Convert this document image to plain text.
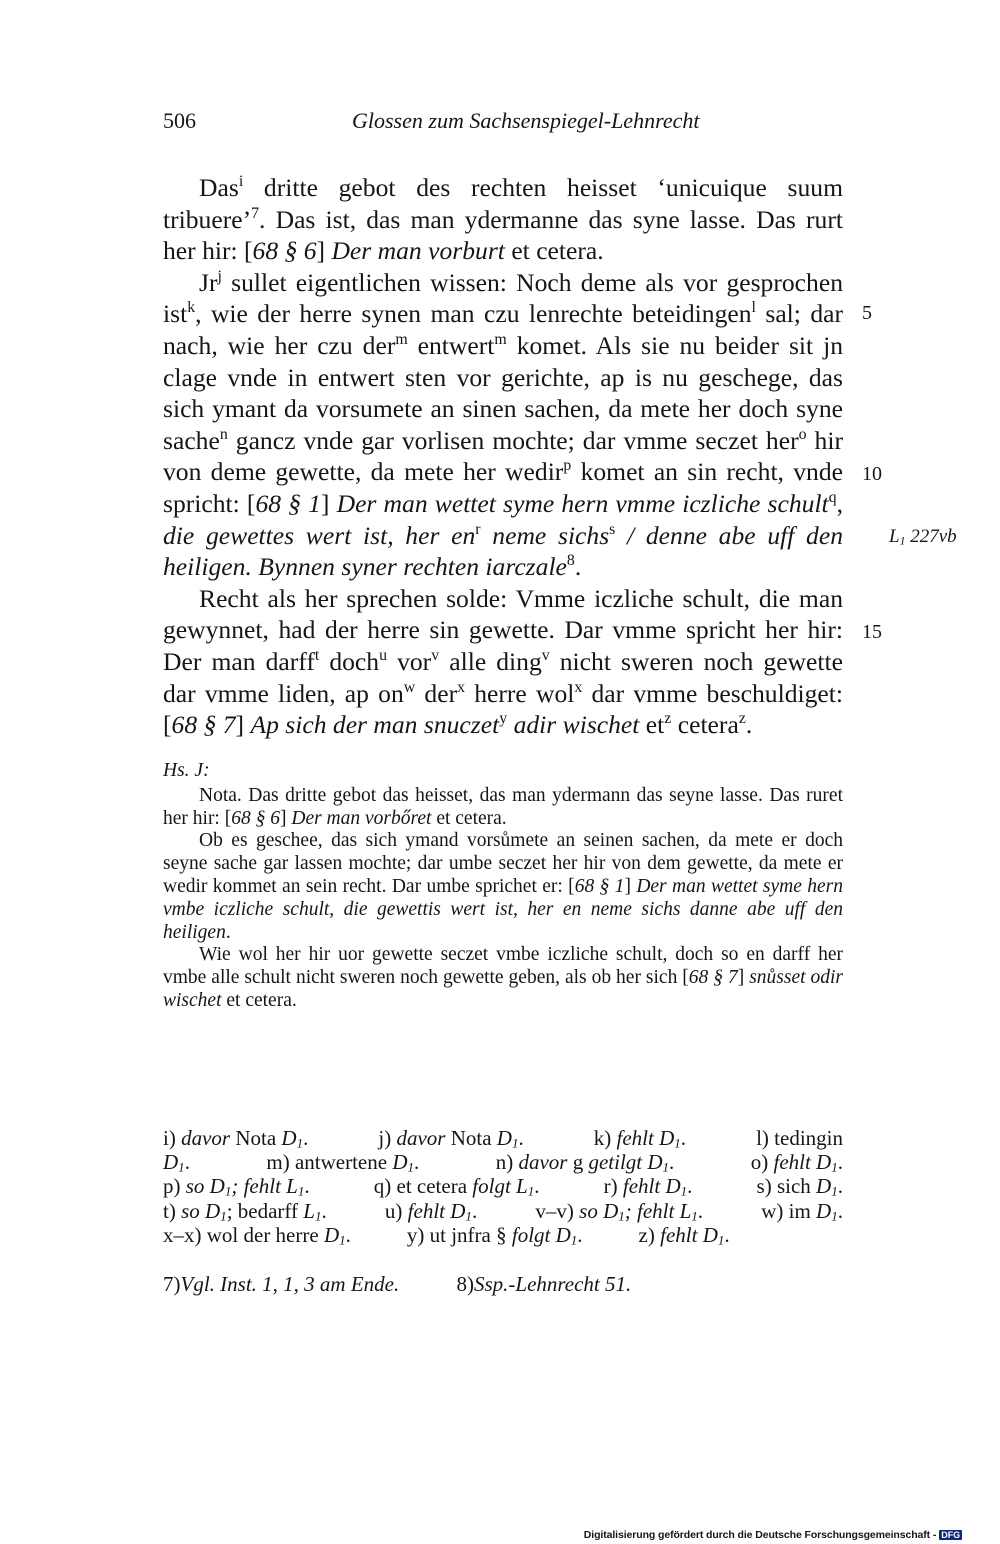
506	Glossen zum Sachsenspiegel-Lehnrecht

Das$^i$ dritte gebot des rechten heisset ‘unicuique suum tribuere’$^7$. Das ist, das man ydermanne das syne lasse. Das rurt her hir: [68 § 6] Der man vorburt et cetera.

Jr$^j$ sullet eigentlichen wissen: Noch deme als vor gesprochen ist$^k$, wie der herre synen man czu lenrechte beteidingen$^l$ sal; dar nach, wie her czu der$^m$ entwert$^m$ komet. Als sie nu beider sit jn clage vnde in entwert sten vor gerichte, ap is nu geschege, das sich ymant da vorsumete an sinen sachen, da mete her doch syne sache$^n$ gancz vnde gar vorlisen mochte; dar vmme seczet her$^o$ hir von deme gewette, da mete her wedir$^p$ komet an sin recht, vnde spricht: [68 § 1] Der man wettet syme hern vmme iczliche schult$^q$, die gewettes wert ist, her $en^r$ neme sichs$^s$ / denne abe uff den heiligen. Bynnen syner rechten iarczale$^8$.

Recht als her sprechen solde: Vmme iczliche schult, die man gewynnet, had der herre sin gewette. Dar vmme spricht her hir: Der man darff$^t$ doch$^u$ vor$^v$ alle ding$^v$ nicht sweren noch gewette dar vmme liden, ap $on^w$ der$^x$ herre wol$^x$ dar vmme beschuldiget: [68 § 7] Ap sich der man snuczet$^y$ adir wischet $et^z$ cetera$^z$.

5
10
15
$L_1$ 227vb
Hs. J:

Nota. Das dritte gebot das heisset, das man ydermann das seyne lasse. Das ruret her hir: [68 § 6] Der man vorbőret et cetera.

Ob es geschee, das sich ymand vorsůmete an seinen sachen, da mete er doch seyne sache gar lassen mochte; dar umbe seczet her hir von dem gewette, da mete er wedir kommet an sein recht. Dar umbe sprichet er: [68 § 1] Der man wettet syme hern vmbe iczliche schult, die gewettis wert ist, her en neme sichs danne abe uff den heiligen.

Wie wol her hir uor gewette seczet vmbe iczliche schult, doch so en darff her vmbe alle schult nicht sweren noch gewette geben, als ob her sich [68 § 7] snůsset odir wischet et cetera.

i) davor Nota $D_1$.	j) davor Nota $D_1$.	k) fehlt $D_1$.	l) tedingin
$D_1$.	m) antwertene $D_1$.	n) davor g getilgt $D_1$.	o) fehlt $D_1$.
p) so $D_1$; fehlt $L_1$.	q) et cetera folgt $L_1$.	r) fehlt $D_1$.	s) sich $D_1$.
t) so $D_1$; bedarff $L_1$.	u) fehlt $D_1$.	v–v) so $D_1$; fehlt $L_1$.	w) im $D_1$.
x–x) wol der herre $D_1$.	y) ut jnfra § folgt $D_1$.	z) fehlt $D_1$.
7)Vgl. Inst. 1, 1, 3 am Ende.	8)Ssp.-Lehnrecht 51.
Digitalisierung gefördert durch die Deutsche Forschungsgemeinschaft - DFG
